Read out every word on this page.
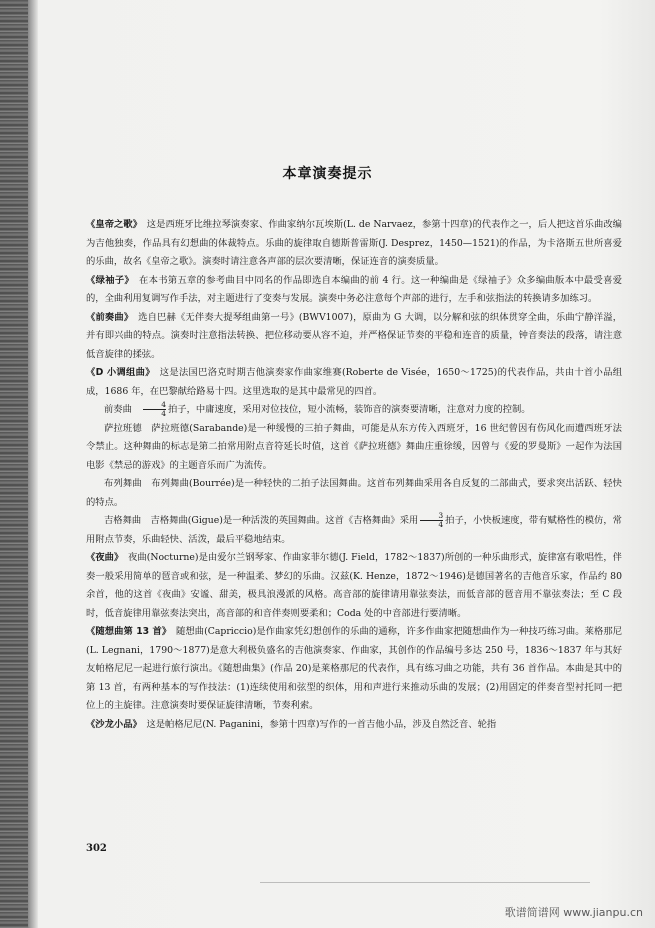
本章演奏提示

《皇帝之歌》　 这是西班牙比维拉琴演奏家、作曲家纳尔瓦埃斯(L. de Narvaez，参第十四章)的代表作之一，后人把这首乐曲改编为吉他独奏，作品具有幻想曲的体裁特点。乐曲的旋律取自德斯普雷斯(J. Desprez，1450—1521)的作品，为卡洛斯五世所喜爱的乐曲，故名《皇帝之歌》。演奏时请注意各声部的层次要清晰，保证连音的演奏质量。

《绿袖子》　 在本书第五章的参考曲目中同名的作品即选自本编曲的前 4 行。这一种编曲是《绿袖子》众多编曲版本中最受喜爱的，全曲利用复调写作手法，对主题进行了变奏与发展。演奏中务必注意每个声部的进行，左手和弦指法的转换请多加练习。

《前奏曲》　 选自巴赫《无伴奏大提琴组曲第一号》(BWV1007)，原曲为 G 大调，以分解和弦的织体贯穿全曲，乐曲宁静洋溢，并有即兴曲的特点。演奏时注意指法转换、把位移动要从容不迫，并严格保证节奏的平稳和连音的质量，钟音奏法的段落，请注意低音旋律的揉弦。

《D 小调组曲》　 这是法国巴洛克时期吉他演奏家作曲家维赛(Roberte de Visée，1650～1725)的代表作品，共由十首小品组成，1686 年，在巴黎献给路易十四。这里选取的是其中最常见的四首。

前奏曲　 $\frac{4}{4}$ 拍子，中庸速度，采用对位技位，短小流畅，装饰音的演奏要清晰，注意对力度的控制。

萨拉班德　 萨拉班德(Sarabande)是一种缓慢的三拍子舞曲，可能是从东方传入西班牙，16 世纪曾因有伤风化而遭西班牙法令禁止。这种舞曲的标志是第二拍常用附点音符延长时值，这首《萨拉班德》舞曲庄重徐缓，因曾与《爱的罗曼斯》一起作为法国电影《禁忌的游戏》的主题音乐而广为流传。

布列舞曲　 布列舞曲(Bourrée)是一种轻快的二拍子法国舞曲。这首布列舞曲采用各自反复的二部曲式，要求突出活跃、轻快的特点。

吉格舞曲　 吉格舞曲(Gigue)是一种活泼的英国舞曲。这首《吉格舞曲》采用 $\frac{3}{4}$ 拍子，小快板速度，带有赋格性的模仿，常用附点节奏，乐曲轻快、活泼，最后平稳地结束。

《夜曲》　 夜曲(Nocturne)是由爱尔兰钢琴家、作曲家菲尔德(J. Field，1782～1837)所创的一种乐曲形式，旋律富有歌唱性，伴奏一般采用简单的琶音或和弦，是一种温柔、梦幻的乐曲。汉兹(K. Henze，1872～1946)是德国著名的吉他音乐家，作品约 80 余首，他的这首《夜曲》安谧、甜美，极具浪漫派的风格。高音部的旋律请用靠弦奏法，而低音部的琶音用不靠弦奏法；至 C 段时，低音旋律用靠弦奏法突出，高音部的和音伴奏则要柔和；Coda 处的中音部进行要清晰。

《随想曲第 13 首》　 随想曲(Capriccio)是作曲家凭幻想创作的乐曲的通称，许多作曲家把随想曲作为一种技巧练习曲。莱格那尼(L. Legnani，1790～1877)是意大利极负盛名的吉他演奏家、作曲家，其创作的作品编号多达 250 号，1836～1837 年与其好友帕格尼尼一起进行旅行演出。《随想曲集》(作品 20)是莱格那尼的代表作，具有练习曲之功能，共有 36 首作品。本曲是其中的第 13 首，有两种基本的写作技法：(1)连续使用和弦型的织体，用和声进行来推动乐曲的发展；(2)用固定的伴奏音型衬托同一把位上的主旋律。注意演奏时要保证旋律清晰，节奏利索。

《沙龙小品》　 这是帕格尼尼(N. Paganini，参第十四章)写作的一首吉他小品，涉及自然泛音、轮指

302
歌谱简谱网 www.jianpu.cn
